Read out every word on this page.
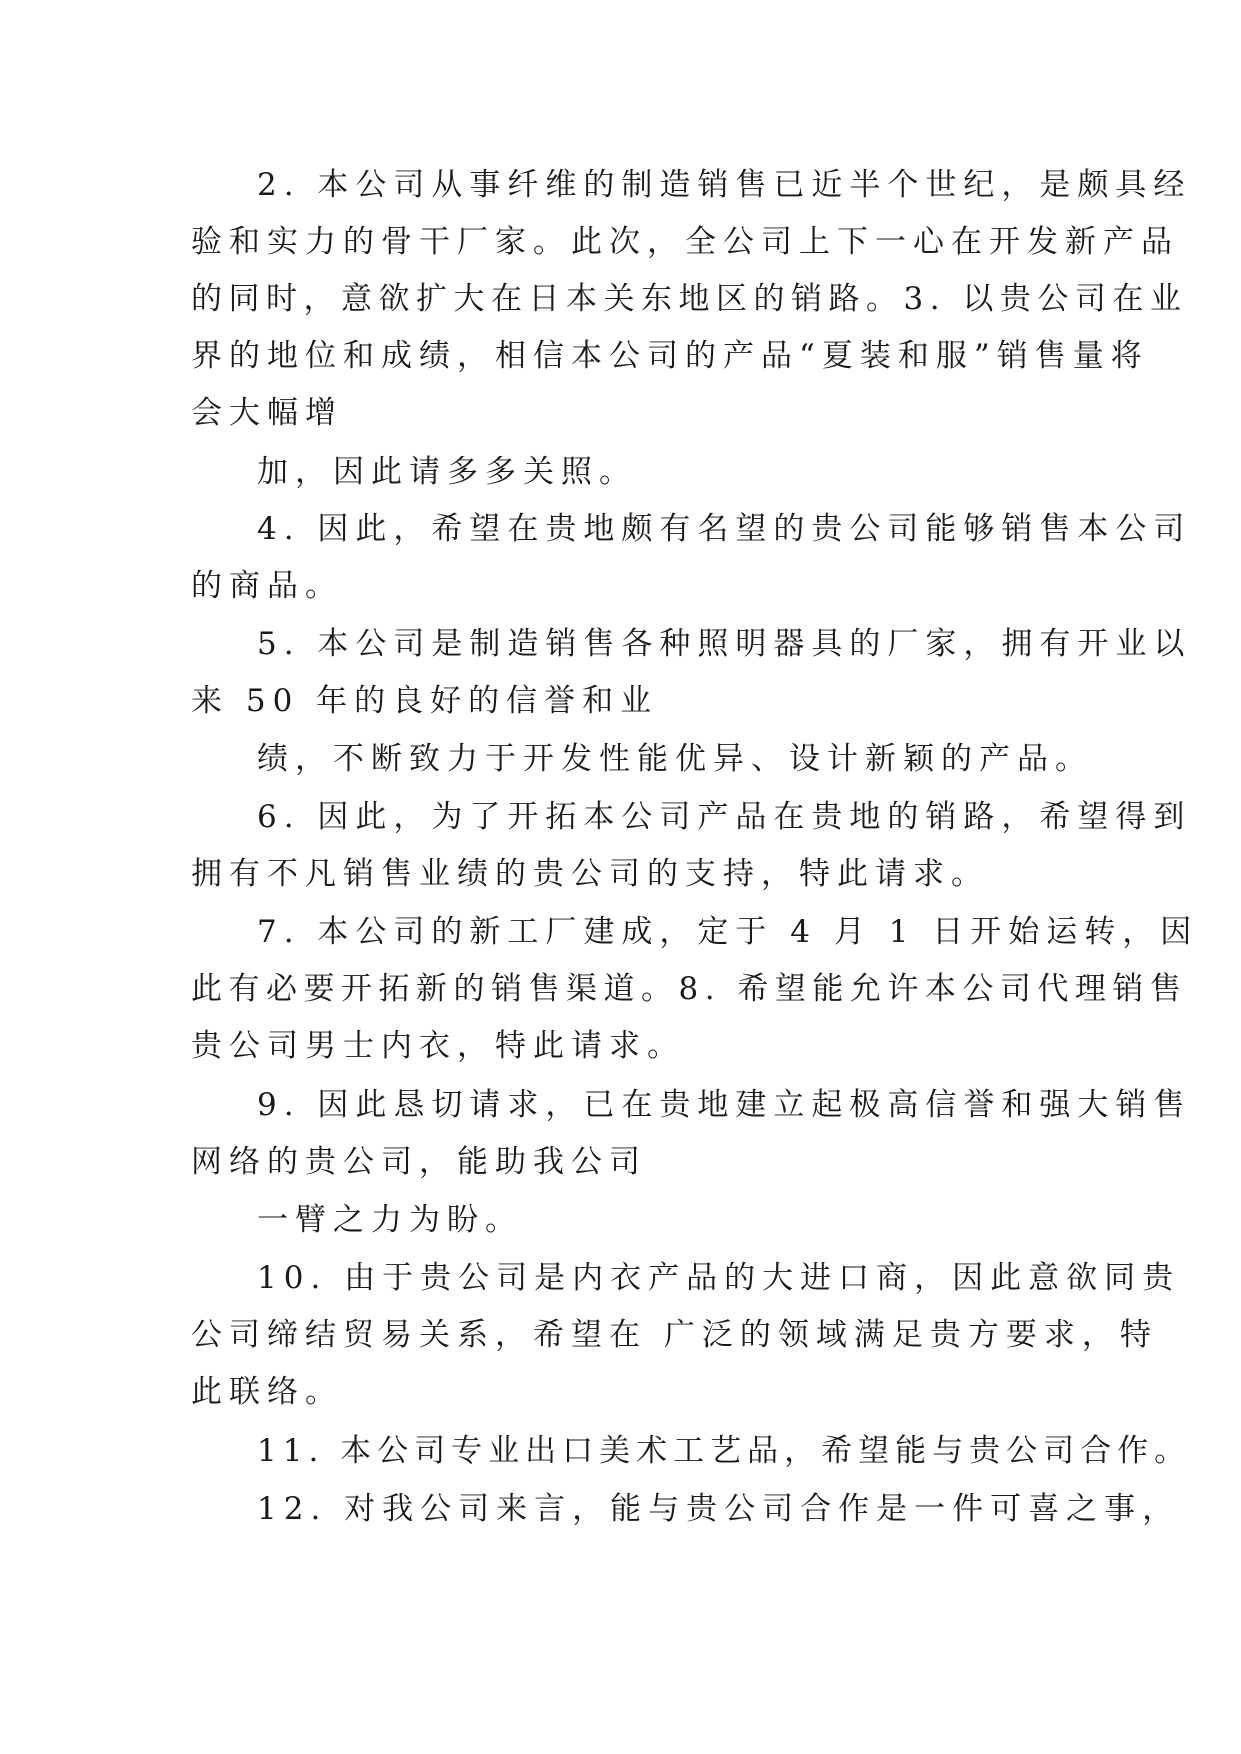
2. 本公司从事纤维的制造销售已近半个世纪，是颇具经
验和实力的骨干厂家。此次，全公司上下一心在开发新产品
的同时，意欲扩大在日本关东地区的销路。3. 以贵公司在业
界的地位和成绩，相信本公司的产品“夏装和服”销售量将
会大幅增
加，因此请多多关照。
4. 因此，希望在贵地颇有名望的贵公司能够销售本公司
的商品。
5. 本公司是制造销售各种照明器具的厂家，拥有开业以
来 50 年的良好的信誉和业
绩，不断致力于开发性能优异、设计新颖的产品。
6. 因此，为了开拓本公司产品在贵地的销路，希望得到
拥有不凡销售业绩的贵公司的支持，特此请求。
7. 本公司的新工厂建成，定于 4 月 1 日开始运转，因
此有必要开拓新的销售渠道。8. 希望能允许本公司代理销售
贵公司男士内衣，特此请求。
9. 因此恳切请求，已在贵地建立起极高信誉和强大销售
网络的贵公司，能助我公司
一臂之力为盼。
10. 由于贵公司是内衣产品的大进口商，因此意欲同贵
公司缔结贸易关系，希望在 广泛的领域满足贵方要求，特
此联络。
11. 本公司专业出口美术工艺品，希望能与贵公司合作。
12. 对我公司来言，能与贵公司合作是一件可喜之事，
